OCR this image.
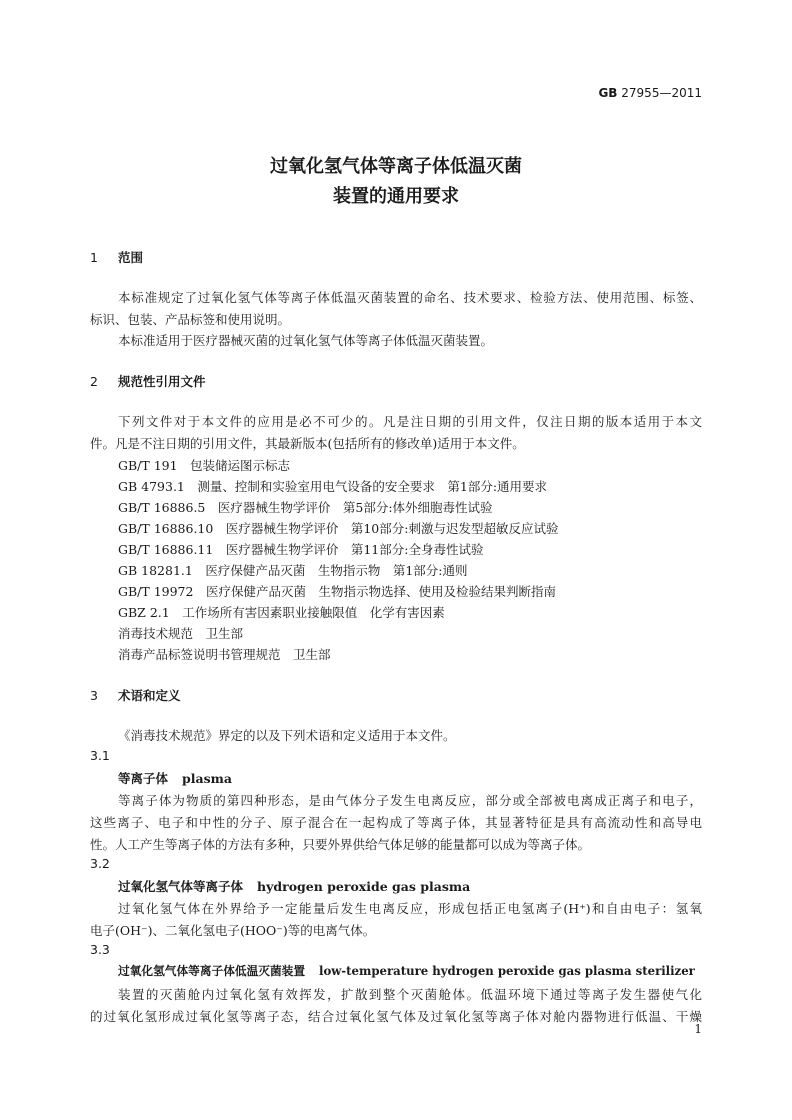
GB 27955—2011
过氧化氢气体等离子体低温灭菌
装置的通用要求
1 范围
本标准规定了过氧化氢气体等离子体低温灭菌装置的命名、技术要求、检验方法、使用范围、标签、
标识、包装、产品标签和使用说明。
本标准适用于医疗器械灭菌的过氧化氢气体等离子体低温灭菌装置。
2 规范性引用文件
下列文件对于本文件的应用是必不可少的。凡是注日期的引用文件，仅注日期的版本适用于本文
件。凡是不注日期的引用文件，其最新版本(包括所有的修改单)适用于本文件。
GB/T 191　包装储运图示标志
GB 4793.1　测量、控制和实验室用电气设备的安全要求　第1部分:通用要求
GB/T 16886.5　医疗器械生物学评价　第5部分:体外细胞毒性试验
GB/T 16886.10　医疗器械生物学评价　第10部分:刺激与迟发型超敏反应试验
GB/T 16886.11　医疗器械生物学评价　第11部分:全身毒性试验
GB 18281.1　医疗保健产品灭菌　生物指示物　第1部分:通则
GB/T 19972　医疗保健产品灭菌　生物指示物选择、使用及检验结果判断指南
GBZ 2.1　工作场所有害因素职业接触限值　化学有害因素
消毒技术规范　卫生部
消毒产品标签说明书管理规范　卫生部
3 术语和定义
《消毒技术规范》界定的以及下列术语和定义适用于本文件。
3.1
等离子体 plasma
等离子体为物质的第四种形态，是由气体分子发生电离反应，部分或全部被电离成正离子和电子，
这些离子、电子和中性的分子、原子混合在一起构成了等离子体，其显著特征是具有高流动性和高导电
性。人工产生等离子体的方法有多种，只要外界供给气体足够的能量都可以成为等离子体。
3.2
过氧化氢气体等离子体 hydrogen peroxide gas plasma
过氧化氢气体在外界给予一定能量后发生电离反应，形成包括正电氢离子(H⁺)和自由电子：氢氧
电子(OH⁻)、二氧化氢电子(HOO⁻)等的电离气体。
3.3
过氧化氢气体等离子体低温灭菌装置 low-temperature hydrogen peroxide gas plasma sterilizer
装置的灭菌舱内过氧化氢有效挥发，扩散到整个灭菌舱体。低温环境下通过等离子发生器使气化
的过氧化氢形成过氧化氢等离子态，结合过氧化氢气体及过氧化氢等离子体对舱内器物进行低温、干燥
1
